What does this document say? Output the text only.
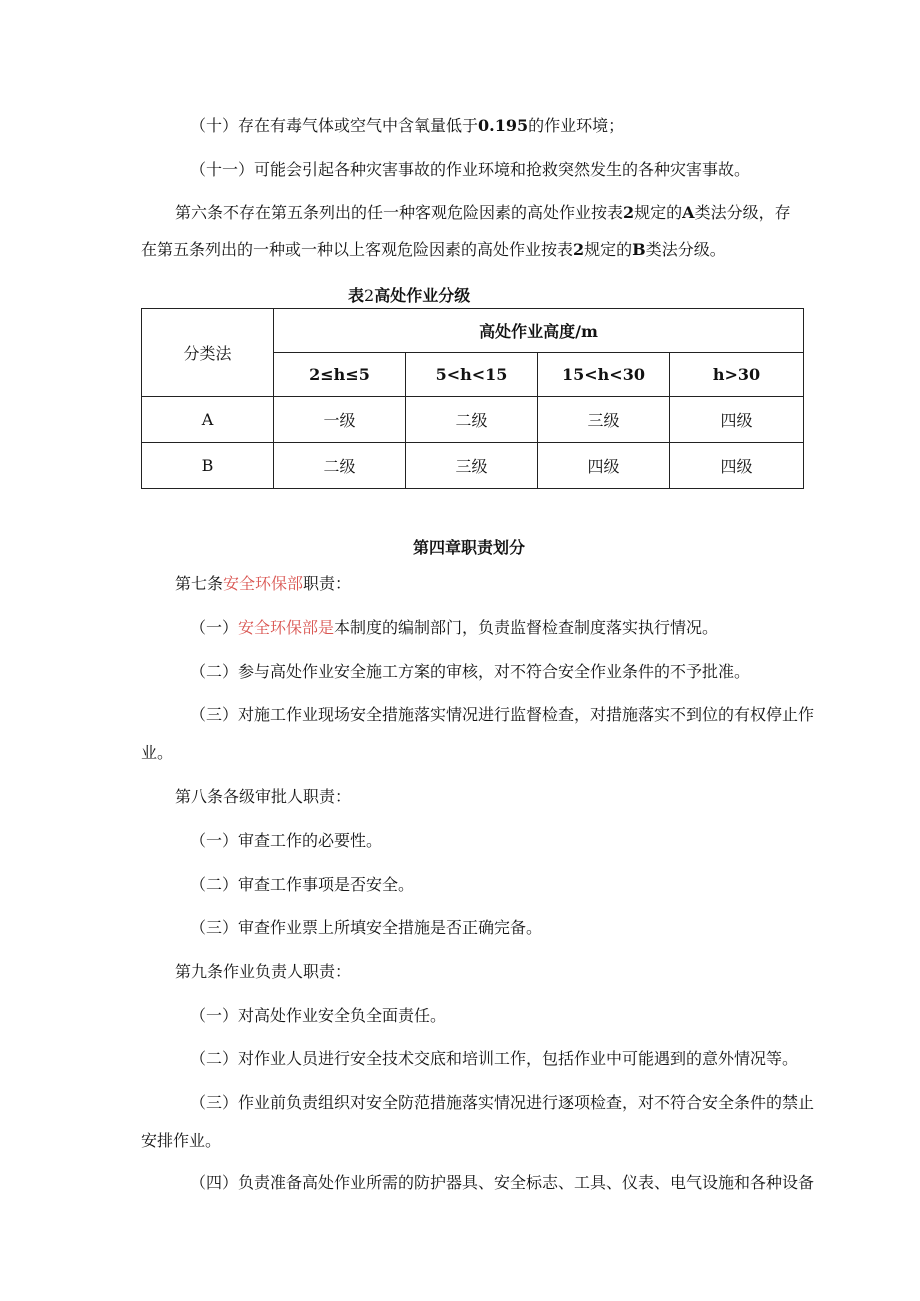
（十）存在有毒气体或空气中含氧量低于0.195的作业环境；
（十一）可能会引起各种灾害事故的作业环境和抢救突然发生的各种灾害事故。
第六条不存在第五条列出的任一种客观危险因素的高处作业按表2规定的A类法分级，存
在第五条列出的一种或一种以上客观危险因素的高处作业按表2规定的B类法分级。
表2高处作业分级
分类法	高处作业高度/m			
	2≤h≤5	5<h<15	15<h<30	h>30
A	一级	二级	三级	四级
B	二级	三级	四级	四级
第四章职责划分
第七条安全环保部职责：
（一）安全环保部是本制度的编制部门，负责监督检查制度落实执行情况。
（二）参与高处作业安全施工方案的审核，对不符合安全作业条件的不予批准。
（三）对施工作业现场安全措施落实情况进行监督检查，对措施落实不到位的有权停止作
业。
第八条各级审批人职责：
（一）审查工作的必要性。
（二）审查工作事项是否安全。
（三）审查作业票上所填安全措施是否正确完备。
第九条作业负责人职责：
（一）对高处作业安全负全面责任。
（二）对作业人员进行安全技术交底和培训工作，包括作业中可能遇到的意外情况等。
（三）作业前负责组织对安全防范措施落实情况进行逐项检查，对不符合安全条件的禁止
安排作业。
（四）负责准备高处作业所需的防护器具、安全标志、工具、仪表、电气设施和各种设备
